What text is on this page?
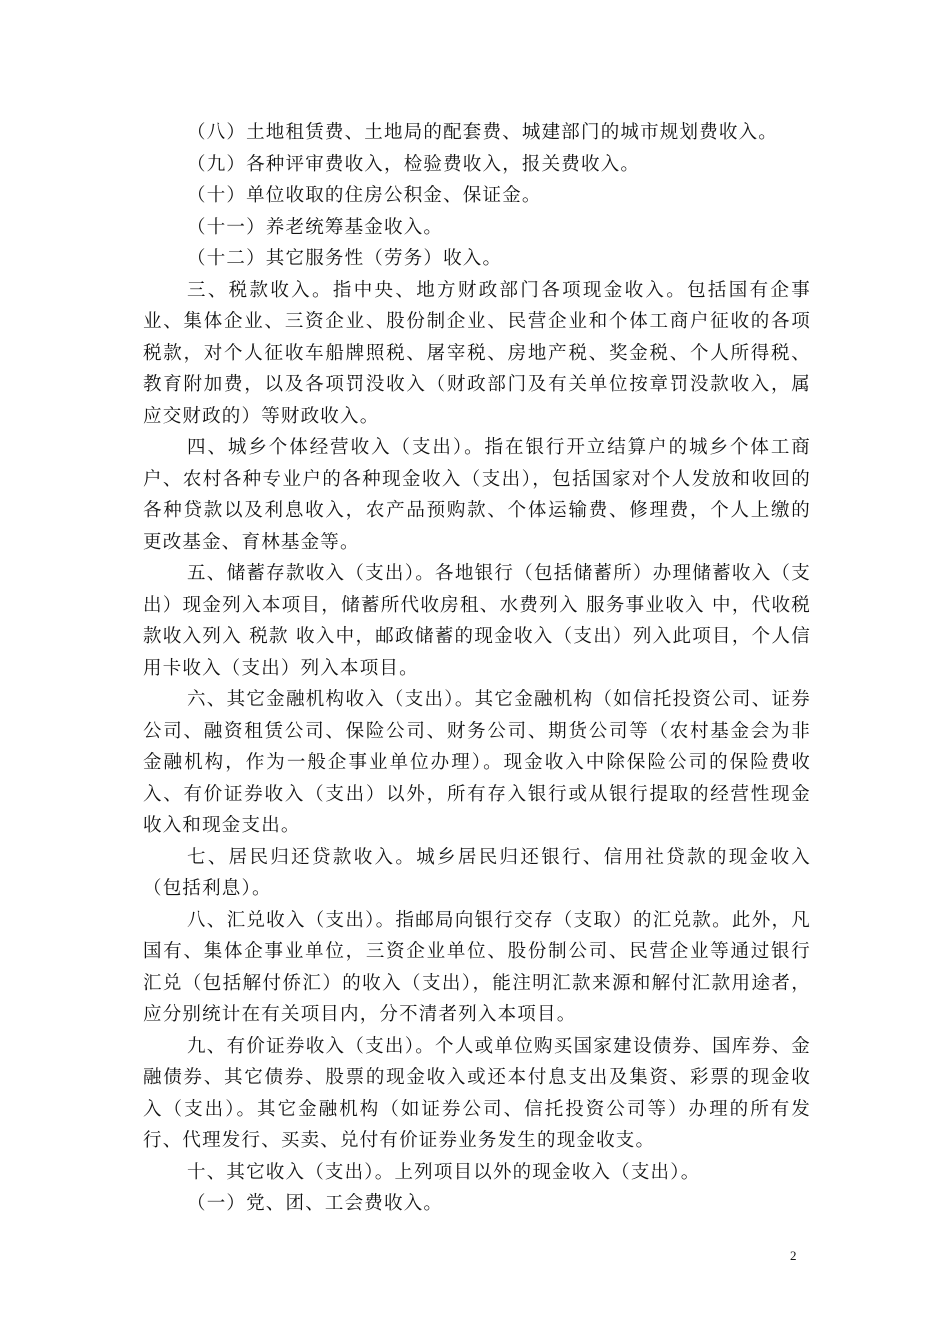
（八）土地租赁费、土地局的配套费、城建部门的城市规划费收入。

（九）各种评审费收入，检验费收入，报关费收入。

（十）单位收取的住房公积金、保证金。

（十一）养老统筹基金收入。

（十二）其它服务性（劳务）收入。

三、税款收入。指中央、地方财政部门各项现金收入。包括国有企事业、集体企业、三资企业、股份制企业、民营企业和个体工商户征收的各项税款，对个人征收车船牌照税、屠宰税、房地产税、奖金税、个人所得税、教育附加费，以及各项罚没收入（财政部门及有关单位按章罚没款收入，属应交财政的）等财政收入。

四、城乡个体经营收入（支出）。指在银行开立结算户的城乡个体工商户、农村各种专业户的各种现金收入（支出），包括国家对个人发放和收回的各种贷款以及利息收入，农产品预购款、个体运输费、修理费，个人上缴的更改基金、育林基金等。

五、储蓄存款收入（支出）。各地银行（包括储蓄所）办理储蓄收入（支出）现金列入本项目，储蓄所代收房租、水费列入 服务事业收入 中，代收税款收入列入 税款 收入中，邮政储蓄的现金收入（支出）列入此项目，个人信用卡收入（支出）列入本项目。

六、其它金融机构收入（支出）。其它金融机构（如信托投资公司、证券公司、融资租赁公司、保险公司、财务公司、期货公司等（农村基金会为非金融机构，作为一般企事业单位办理）。现金收入中除保险公司的保险费收入、有价证券收入（支出）以外，所有存入银行或从银行提取的经营性现金收入和现金支出。

七、居民归还贷款收入。城乡居民归还银行、信用社贷款的现金收入（包括利息）。

八、汇兑收入（支出）。指邮局向银行交存（支取）的汇兑款。此外，凡国有、集体企事业单位，三资企业单位、股份制公司、民营企业等通过银行汇兑（包括解付侨汇）的收入（支出），能注明汇款来源和解付汇款用途者，应分别统计在有关项目内，分不清者列入本项目。

九、有价证券收入（支出）。个人或单位购买国家建设债券、国库券、金融债券、其它债券、股票的现金收入或还本付息支出及集资、彩票的现金收入（支出）。其它金融机构（如证券公司、信托投资公司等）办理的所有发行、代理发行、买卖、兑付有价证券业务发生的现金收支。

十、其它收入（支出）。上列项目以外的现金收入（支出）。

（一）党、团、工会费收入。

2
